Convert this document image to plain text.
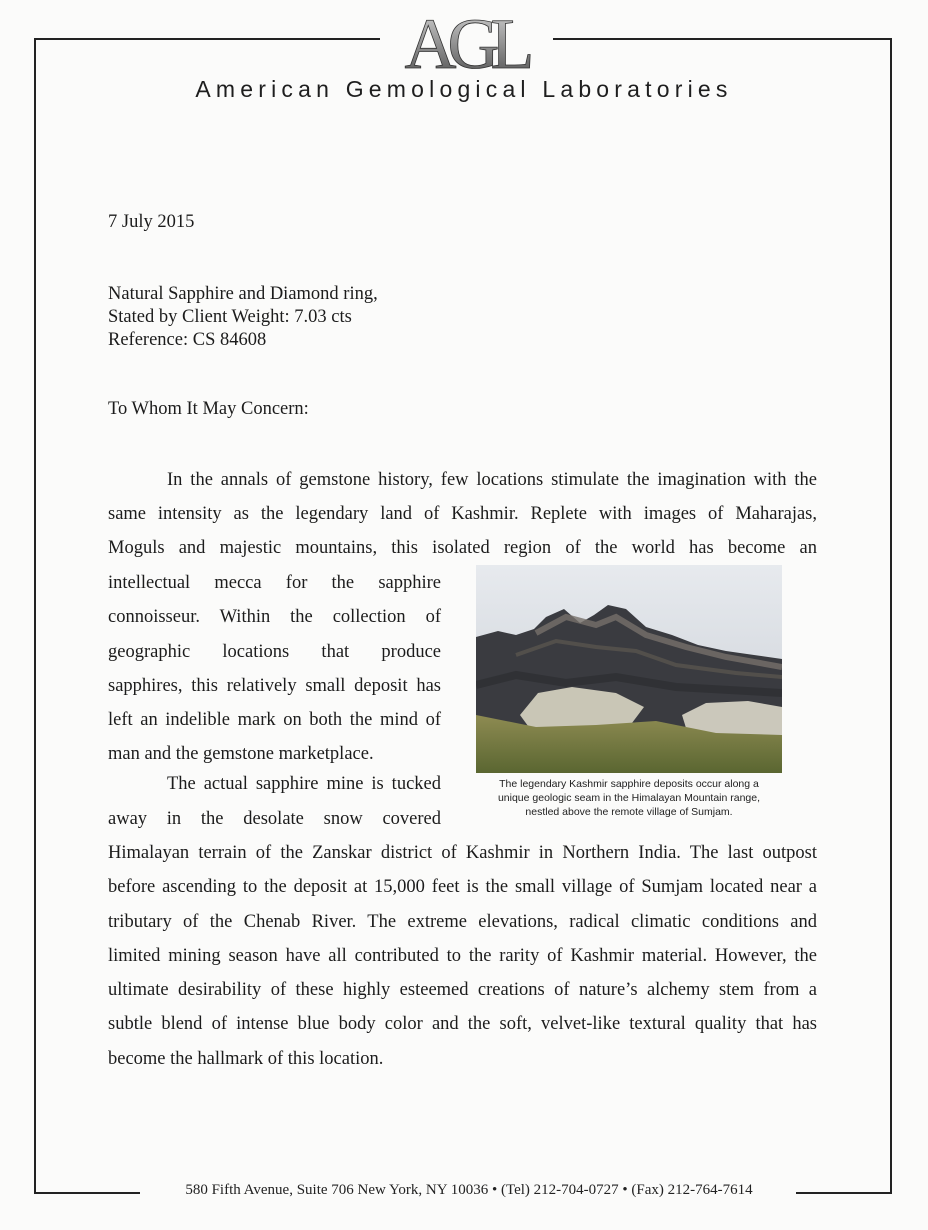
AGL
American Gemological Laboratories
7 July 2015
Natural Sapphire and Diamond ring,
Stated by Client Weight: 7.03 cts
Reference: CS 84608
To Whom It May Concern:
In the annals of gemstone history, few locations stimulate the imagination with the
same intensity as the legendary land of Kashmir. Replete with images of Maharajas,
Moguls and majestic mountains, this isolated region of the world has become an
intellectual mecca for the sapphire
connoisseur. Within the collection of
geographic locations that produce
sapphires, this relatively small deposit has
left an indelible mark on both the mind of
man and the gemstone marketplace.
The actual sapphire mine is tucked
away in the desolate snow covered
Himalayan terrain of the Zanskar district of Kashmir in Northern India. The last outpost
before ascending to the deposit at 15,000 feet is the small village of Sumjam located near a
tributary of the Chenab River. The extreme elevations, radical climatic conditions and
limited mining season have all contributed to the rarity of Kashmir material. However, the
ultimate desirability of these highly esteemed creations of nature’s alchemy stem from a
subtle blend of intense blue body color and the soft, velvet-like textural quality that has
become the hallmark of this location.
The legendary Kashmir sapphire deposits occur along a
unique geologic seam in the Himalayan Mountain range,
nestled above the remote village of Sumjam.
580 Fifth Avenue, Suite 706 New York, NY 10036 • (Tel) 212-704-0727 • (Fax) 212-764-7614
